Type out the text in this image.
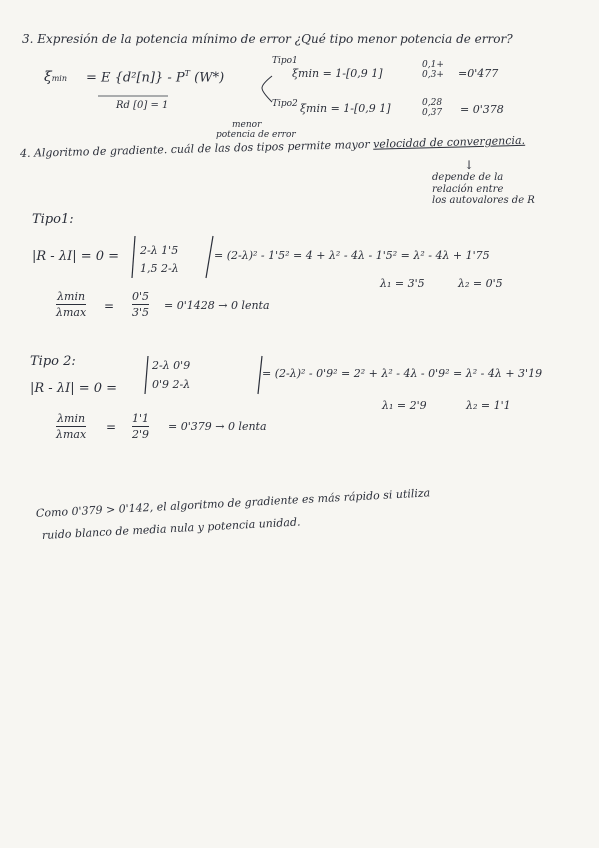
3. Expresión de la potencia mínimo de error ¿Qué tipo menor potencia de error?
ξmin = E $\{d^2[n]\} - P^T$ (W*)
Rd [0] = 1
Tipo1
ξmin = 1-[0,9 1]
0,1+
0,3+ =0'477
Tipo2 ξmin = 1-[0,9 1]	0,28
0,37 = 0'378
menor
potencia de error
4. Algoritmo de gradiente. cuál de las dos tipos permite mayor velocidad de convergencia.
↓
depende de la
relación entre
los autovalores de R
Tipo1:
|R - λI| = 0 = 2-λ 1'5
1,5 2-λ
= (2-λ)² - 1'5² = 4 + λ² - 4λ - 1'5² = λ² - 4λ + 1'75
λ₁ = 3'5	λ₂ = 0'5
λmin
λmax =
0'5
3'5
= 0'1428 → 0 lenta
Tipo 2:
|R - λI| = 0 =
2-λ 0'9
0'9 2-λ
= (2-λ)² - 0'9² = 2² + λ² - 4λ - 0'9² = λ² - 4λ + 3'19
λ₁ = 2'9	λ₂ = 1'1
λmin
λmax
=
1'1
2'9
= 0'379 → 0 lenta
Como 0'379 > 0'142, el algoritmo de gradiente es más rápido si utiliza
ruido blanco de media nula y potencia unidad.
